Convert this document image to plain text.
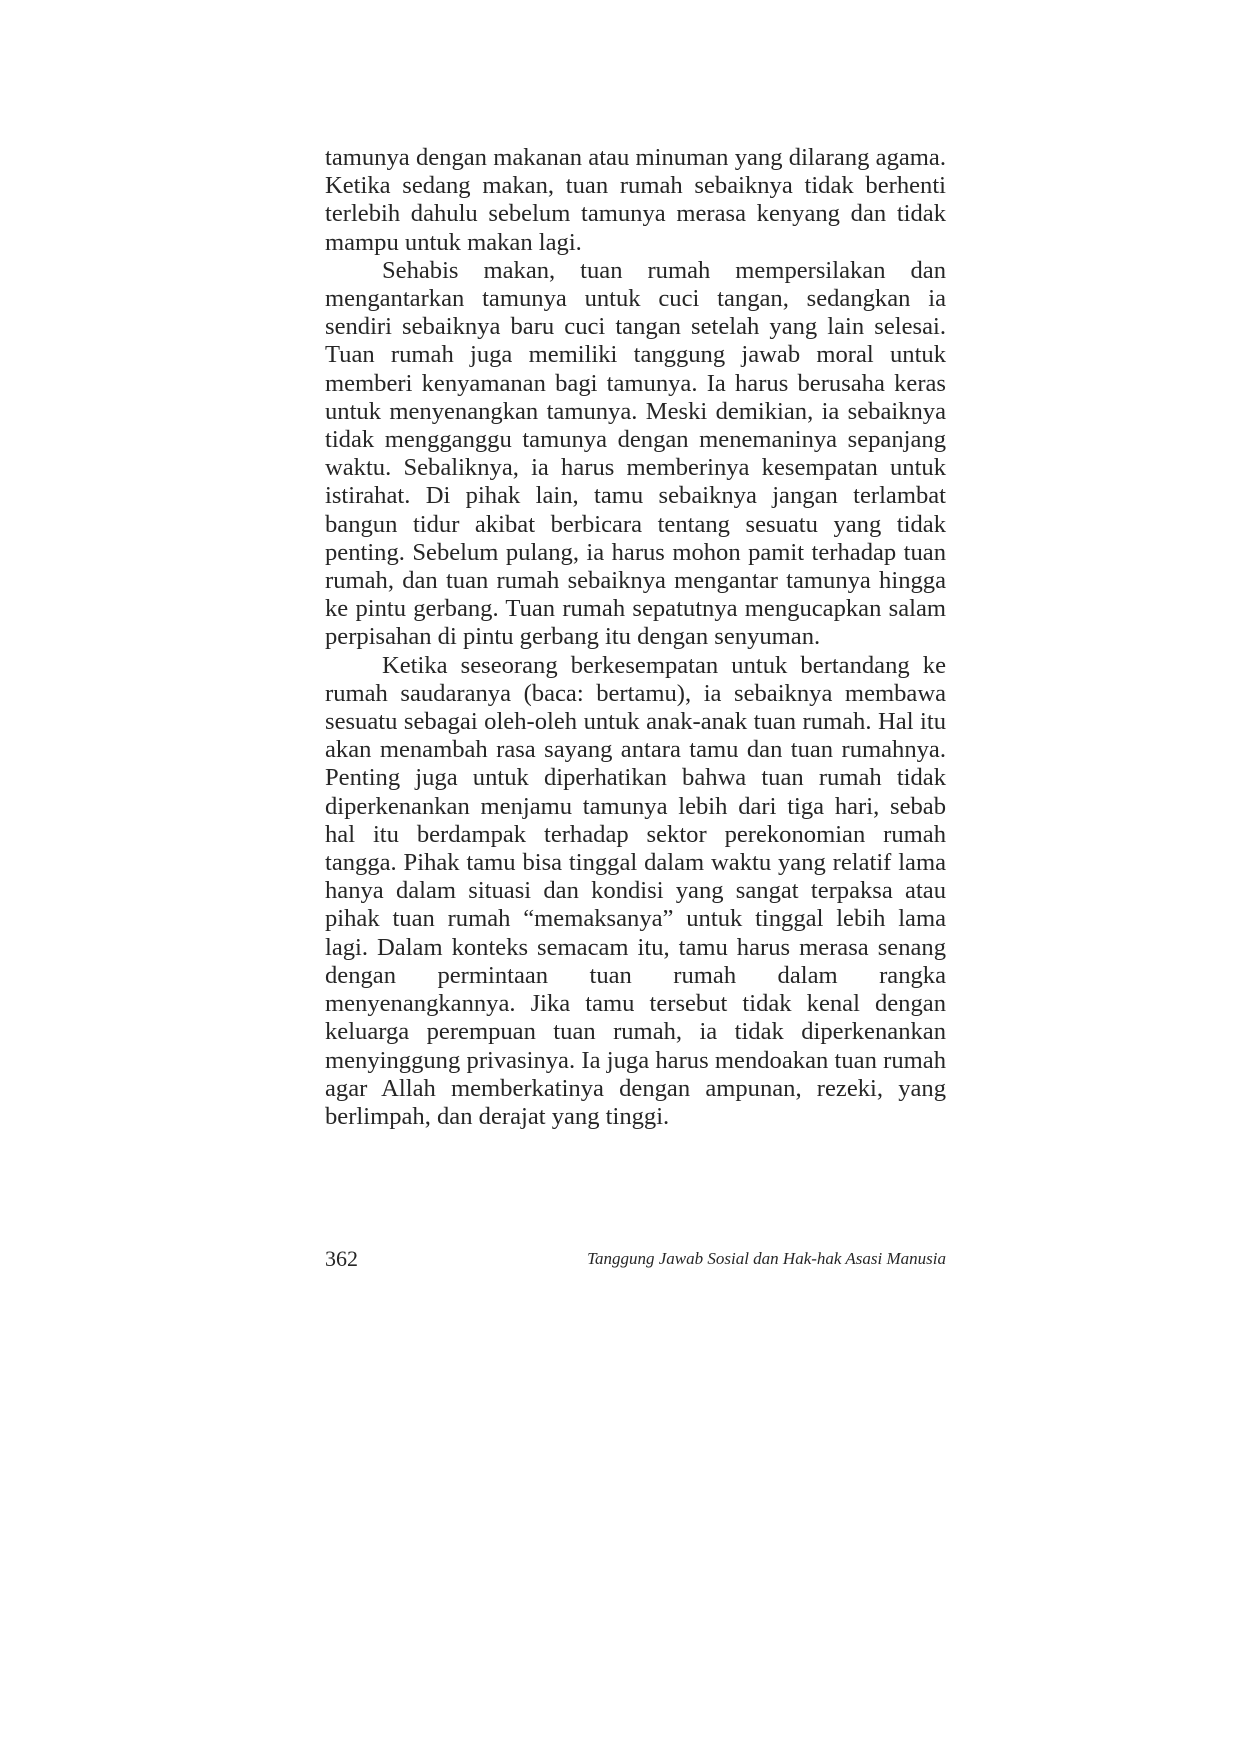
tamunya dengan makanan atau minuman yang dilarang agama. Ketika sedang makan, tuan rumah sebaiknya tidak berhenti terlebih dahulu sebelum tamunya merasa kenyang dan tidak mampu untuk makan lagi.

Sehabis makan, tuan rumah mempersilakan dan mengantarkan tamunya untuk cuci tangan, sedangkan ia sendiri sebaiknya baru cuci tangan setelah yang lain selesai. Tuan rumah juga memiliki tanggung jawab moral untuk memberi kenyamanan bagi tamunya. Ia harus berusaha keras untuk menyenangkan tamunya. Meski demikian, ia sebaiknya tidak mengganggu tamunya dengan menemaninya sepanjang waktu. Sebaliknya, ia harus memberinya kesempatan untuk istirahat. Di pihak lain, tamu sebaiknya jangan terlambat bangun tidur akibat berbicara tentang sesuatu yang tidak penting. Sebelum pulang, ia harus mohon pamit terhadap tuan rumah, dan tuan rumah sebaiknya mengantar tamunya hingga ke pintu gerbang. Tuan rumah sepatutnya mengucapkan salam perpisahan di pintu gerbang itu dengan senyuman.

Ketika seseorang berkesempatan untuk bertandang ke rumah saudaranya (baca: bertamu), ia sebaiknya membawa sesuatu sebagai oleh-oleh untuk anak-anak tuan rumah. Hal itu akan menambah rasa sayang antara tamu dan tuan rumahnya. Penting juga untuk diperhatikan bahwa tuan rumah tidak diperkenankan menjamu tamunya lebih dari tiga hari, sebab hal itu berdampak terhadap sektor perekonomian rumah tangga. Pihak tamu bisa tinggal dalam waktu yang relatif lama hanya dalam situasi dan kondisi yang sangat terpaksa atau pihak tuan rumah “memaksanya” untuk tinggal lebih lama lagi. Dalam konteks semacam itu, tamu harus merasa senang dengan permintaan tuan rumah dalam rangka menyenangkannya. Jika tamu tersebut tidak kenal dengan keluarga perempuan tuan rumah, ia tidak diperkenankan menyinggung privasinya. Ia juga harus mendoakan tuan rumah agar Allah memberkatinya dengan ampunan, rezeki, yang berlimpah, dan derajat yang tinggi.

362	Tanggung Jawab Sosial dan Hak-hak Asasi Manusia
